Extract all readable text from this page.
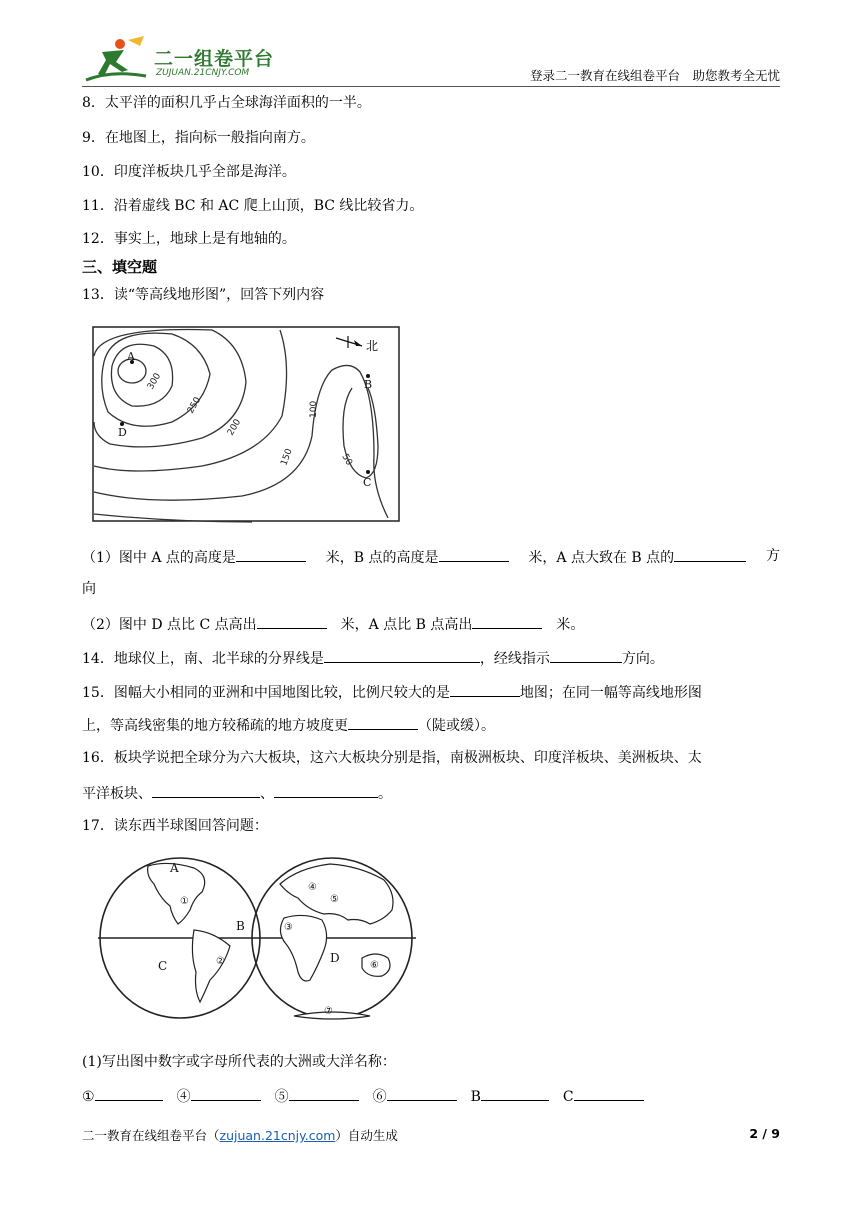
二一组卷平台
ZUJUAN.21CNJY.COM	登录二一教育在线组卷平台　助您教考全无忧
8．太平洋的面积几乎占全球海洋面积的一半。
9．在地图上，指向标一般指向南方。
10．印度洋板块几乎全部是海洋。
11．沿着虚线 BC 和 AC 爬上山顶，BC 线比较省力。
12．事实上，地球上是有地轴的。
三、填空题
13．读“等高线地形图”，回答下列内容
300
250
200
150
100
50
A
B
C
D
北
（1）图中 A 点的高度是	米，B 点的高度是	米，A 点大致在 B 点的	方
向
（2）图中 D 点比 C 点高出　	米，A 点比 B 点高出　	米。
14．地球仪上，南、北半球的分界线是	，经线指示	方向。
15．图幅大小相同的亚洲和中国地图比较，比例尺较大的是	地图；在同一幅等高线地形图
上，等高线密集的地方较稀疏的地方坡度更	（陡或缓）。
16．板块学说把全球分为六大板块，这六大板块分别是指，南极洲板块、印度洋板块、美洲板块、太
平洋板块、	、	。
17．读东西半球图回答问题：
A
B
C
D
①
②
③
④
⑤
⑥
⑦
(1)写出图中数字或字母所代表的大洲或大洋名称：
①　	④　	⑤　	⑥　	B　	C
二一教育在线组卷平台（zujuan.21cnjy.com）自动生成	2 / 9
